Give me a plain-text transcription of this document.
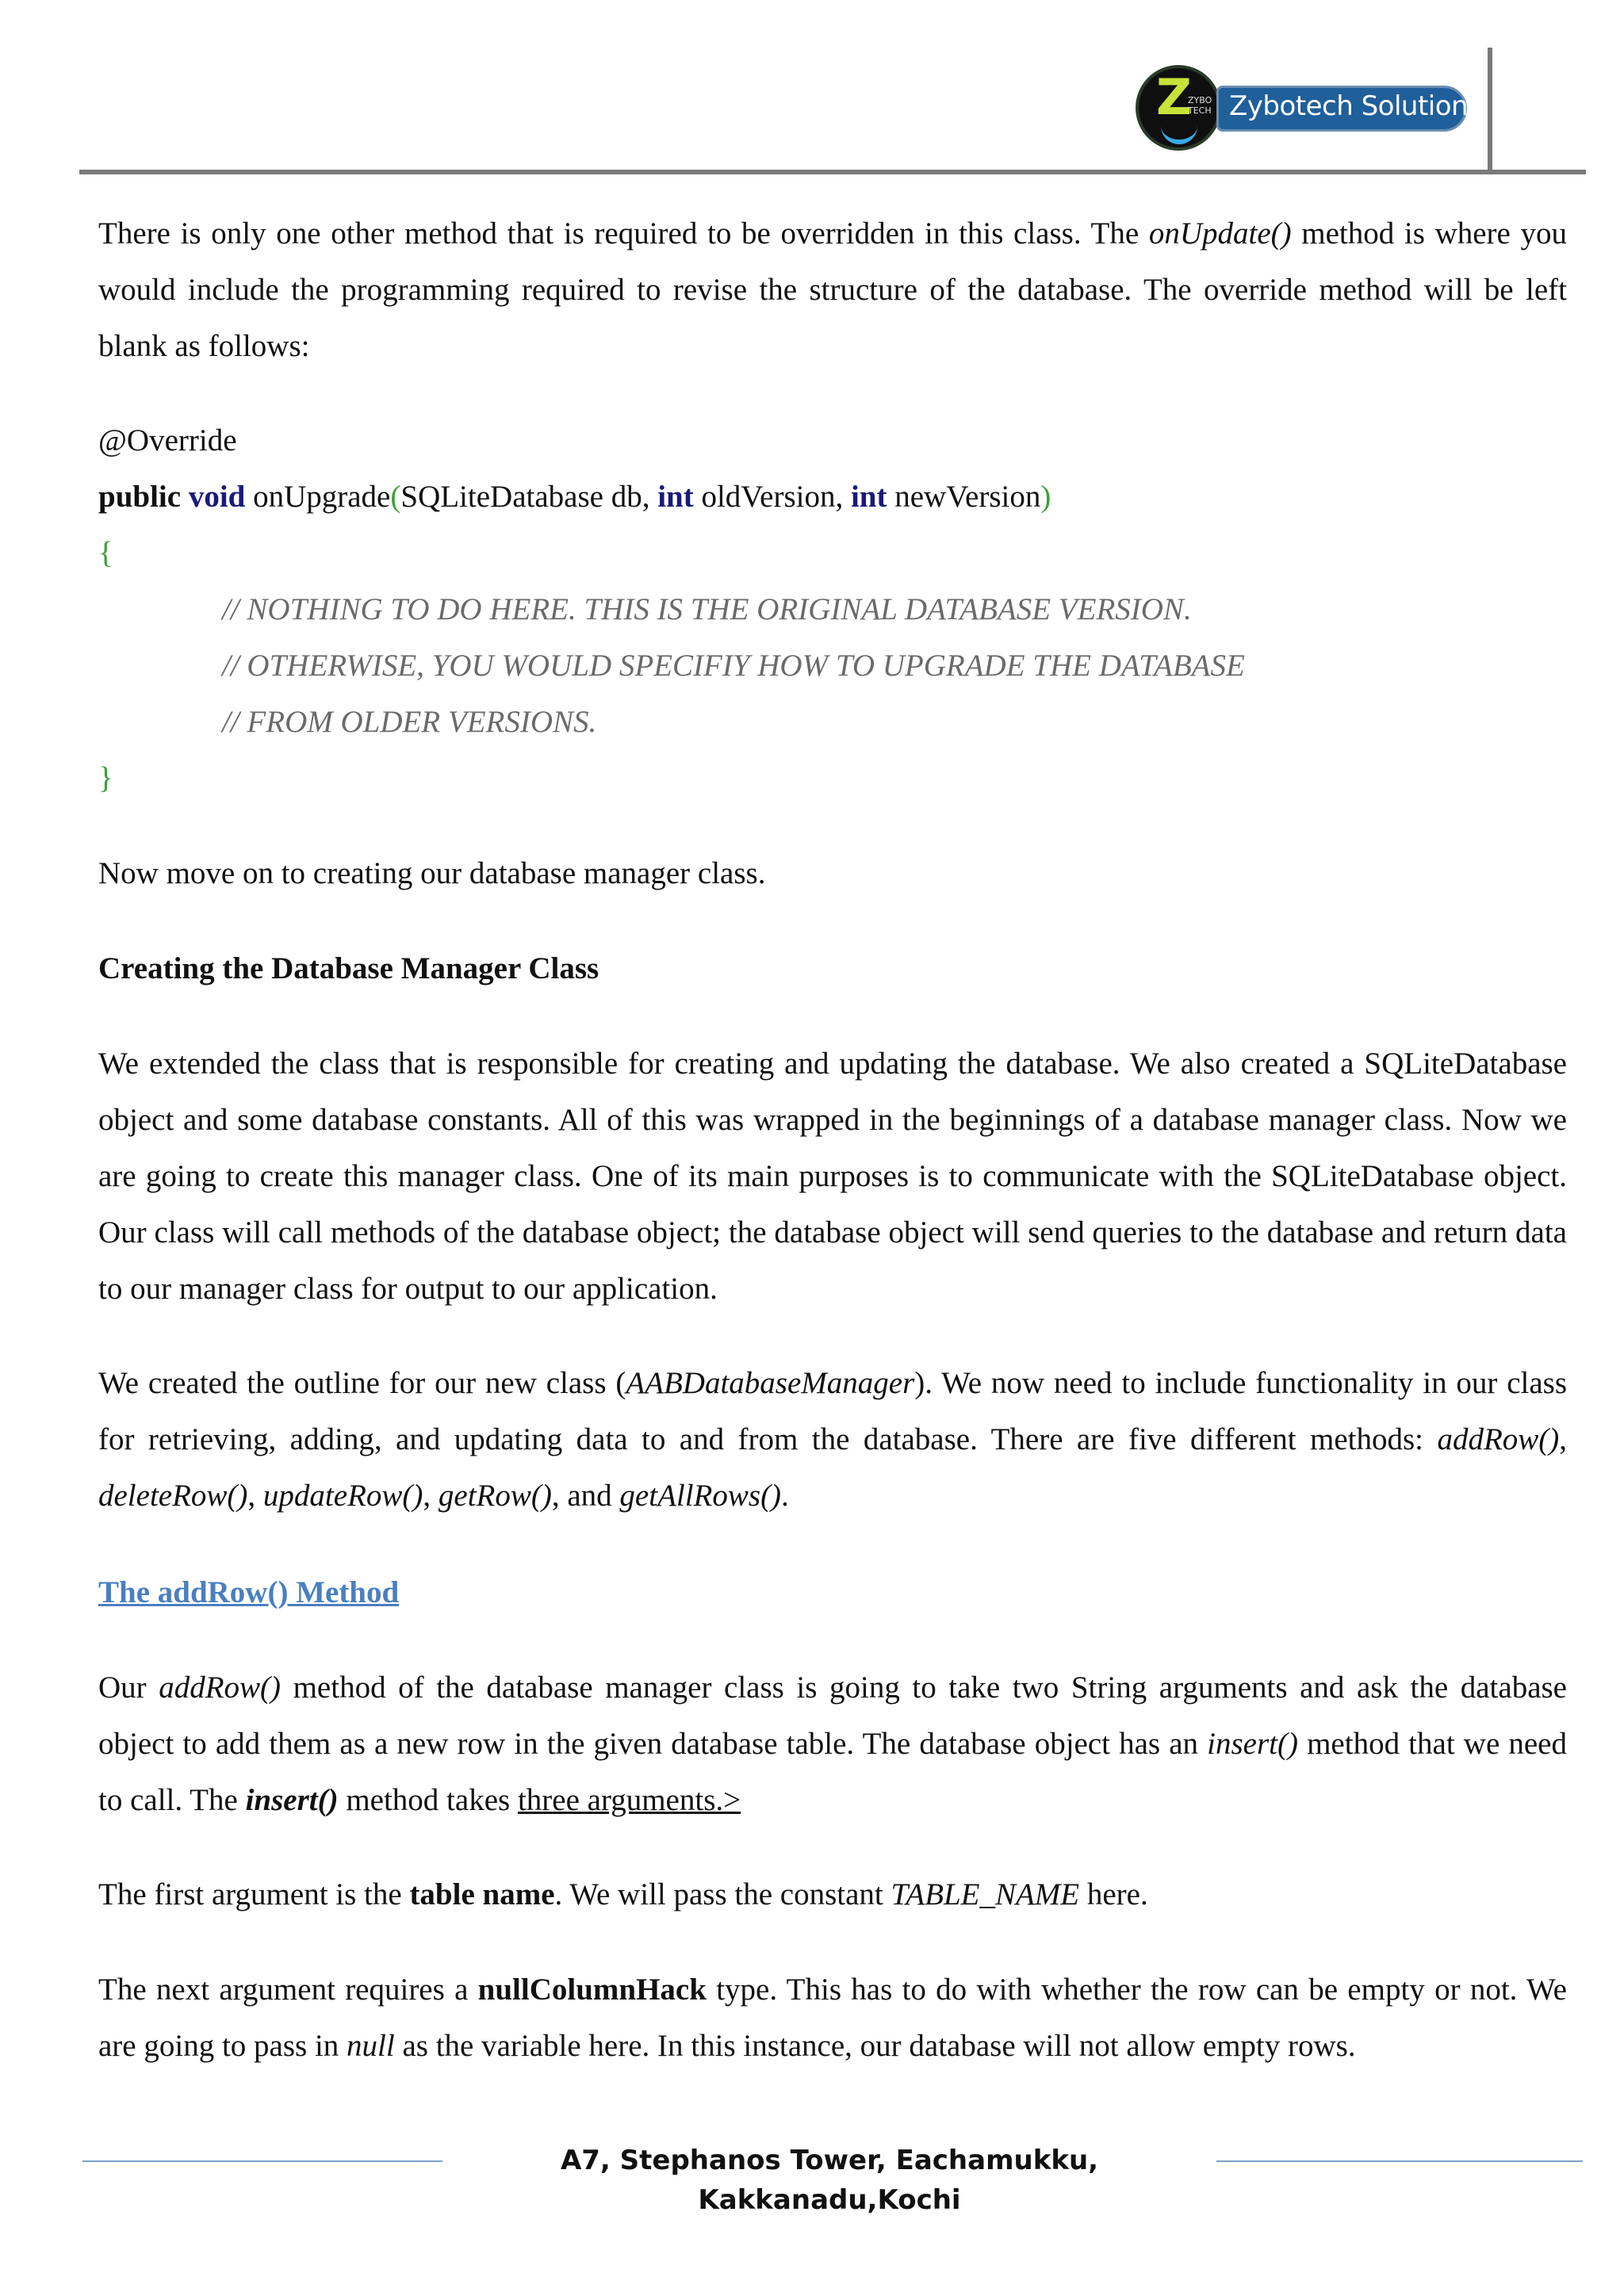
Z
ZYBO TECH Zybotech Solutions

There is only one other method that is required to be overridden in this class. The onUpdate() method is where you would include the programming required to revise the structure of the database. The override method will be left blank as follows:

@Override
public void onUpgrade(SQLiteDatabase db, int oldVersion, int newVersion)
{
// NOTHING TO DO HERE. THIS IS THE ORIGINAL DATABASE VERSION.
// OTHERWISE, YOU WOULD SPECIFIY HOW TO UPGRADE THE DATABASE
// FROM OLDER VERSIONS.
}

Now move on to creating our database manager class.

Creating the Database Manager Class

We extended the class that is responsible for creating and updating the database. We also created a SQLiteDatabase object and some database constants. All of this was wrapped in the beginnings of a database manager class. Now we are going to create this manager class. One of its main purposes is to communicate with the SQLiteDatabase object. Our class will call methods of the database object; the database object will send queries to the database and return data to our manager class for output to our application.

We created the outline for our new class (AABDatabaseManager). We now need to include functionality in our class for retrieving, adding, and updating data to and from the database. There are five different methods: addRow(), deleteRow(), updateRow(), getRow(), and getAllRows().

The addRow() Method

Our addRow() method of the database manager class is going to take two String arguments and ask the database object to add them as a new row in the given database table. The database object has an insert() method that we need to call. The insert() method takes three arguments.>

The first argument is the table name. We will pass the constant TABLE_NAME here.

The next argument requires a nullColumnHack type. This has to do with whether the row can be empty or not. We are going to pass in null as the variable here. In this instance, our database will not allow empty rows.

A7, Stephanos Tower, Eachamukku, Kakkanadu,Kochi
